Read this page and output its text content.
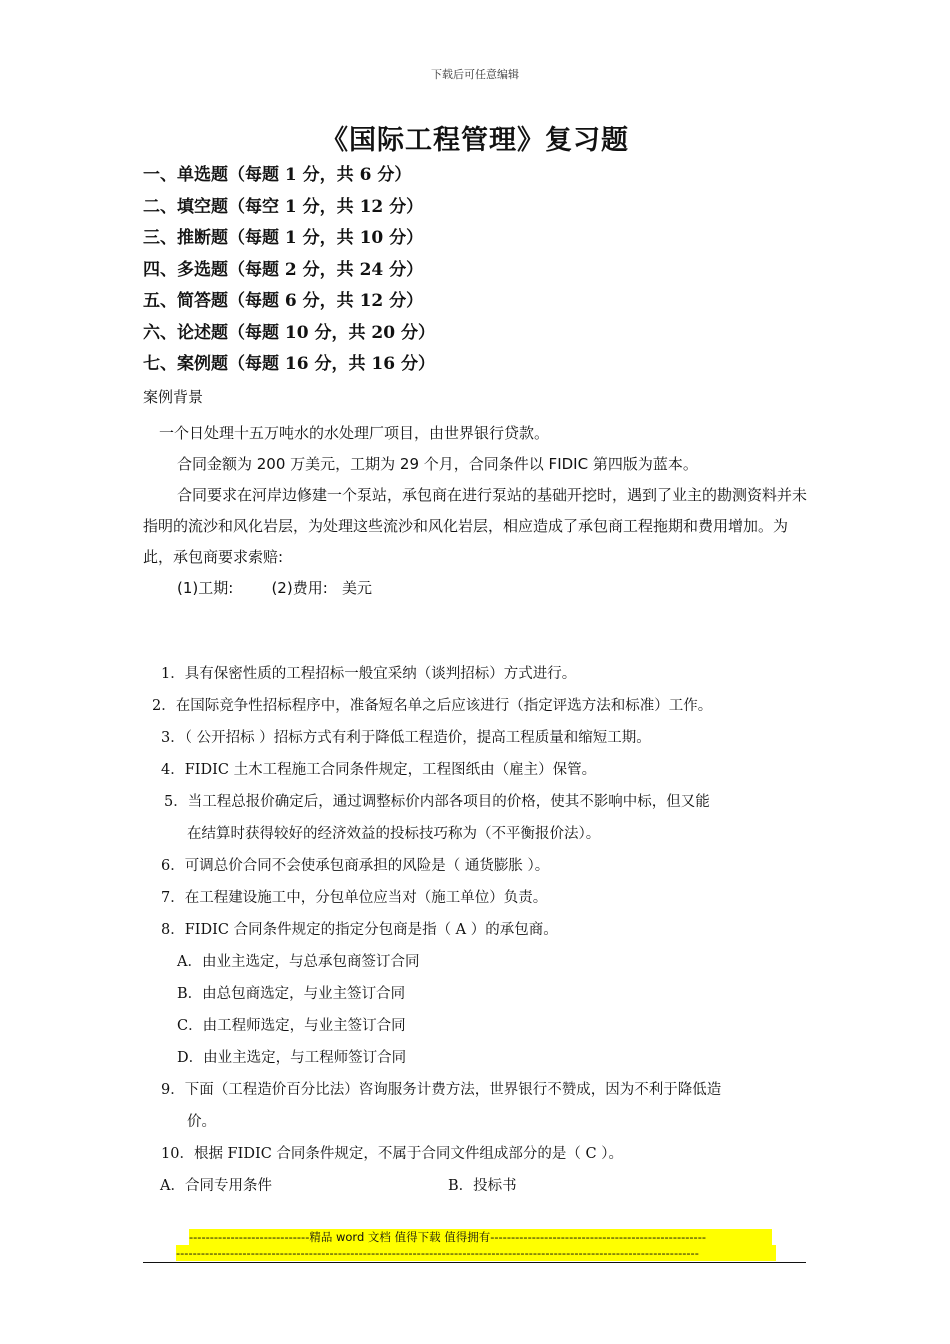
下载后可任意编辑
《国际工程管理》复习题
一、单选题（每题 1 分，共 6 分）
二、填空题（每空 1 分，共 12 分）
三、推断题（每题 1 分，共 10 分）
四、多选题（每题 2 分，共 24 分）
五、简答题（每题 6 分，共 12 分）
六、论述题（每题 10 分，共 20 分）
七、案例题（每题 16 分，共 16 分）
案例背景

一个日处理十五万吨水的水处理厂项目，由世界银行贷款。

合同金额为 200 万美元，工期为 29 个月，合同条件以 FIDIC 第四版为蓝本。

合同要求在河岸边修建一个泵站，承包商在进行泵站的基础开挖时，遇到了业主的勘测资料并未指明的流沙和风化岩层，为处理这些流沙和风化岩层，相应造成了承包商工程拖期和费用增加。为此，承包商要求索赔:

(1)工期:        (2)费用:   美元
1．具有保密性质的工程招标一般宜采纳（谈判招标）方式进行。
2．在国际竞争性招标程序中，准备短名单之后应该进行（指定评选方法和标准）工作。
3．（ 公开招标 ）招标方式有利于降低工程造价，提高工程质量和缩短工期。
4．FIDIC 土木工程施工合同条件规定，工程图纸由（雇主）保管。
5．当工程总报价确定后，通过调整标价内部各项目的价格，使其不影响中标，但又能
在结算时获得较好的经济效益的投标技巧称为（不平衡报价法）。
6．可调总价合同不会使承包商承担的风险是（ 通货膨胀 ）。
7．在工程建设施工中，分包单位应当对（施工单位）负责。
8．FIDIC 合同条件规定的指定分包商是指（ A ）的承包商。
A．由业主选定，与总承包商签订合同
B．由总包商选定，与业主签订合同
C．由工程师选定，与业主签订合同
D．由业主选定，与工程师签订合同
9．下面（工程造价百分比法）咨询服务计费方法，世界银行不赞成，因为不利于降低造
价。
10．根据 FIDIC 合同条件规定，不属于合同文件组成部分的是（ C ）。
A．合同专用条件	B．投标书
-----------------------------精品 word 文档 值得下载 值得拥有----------------------------------------------------
------------------------------------------------------------------------------------------------------------------------------
